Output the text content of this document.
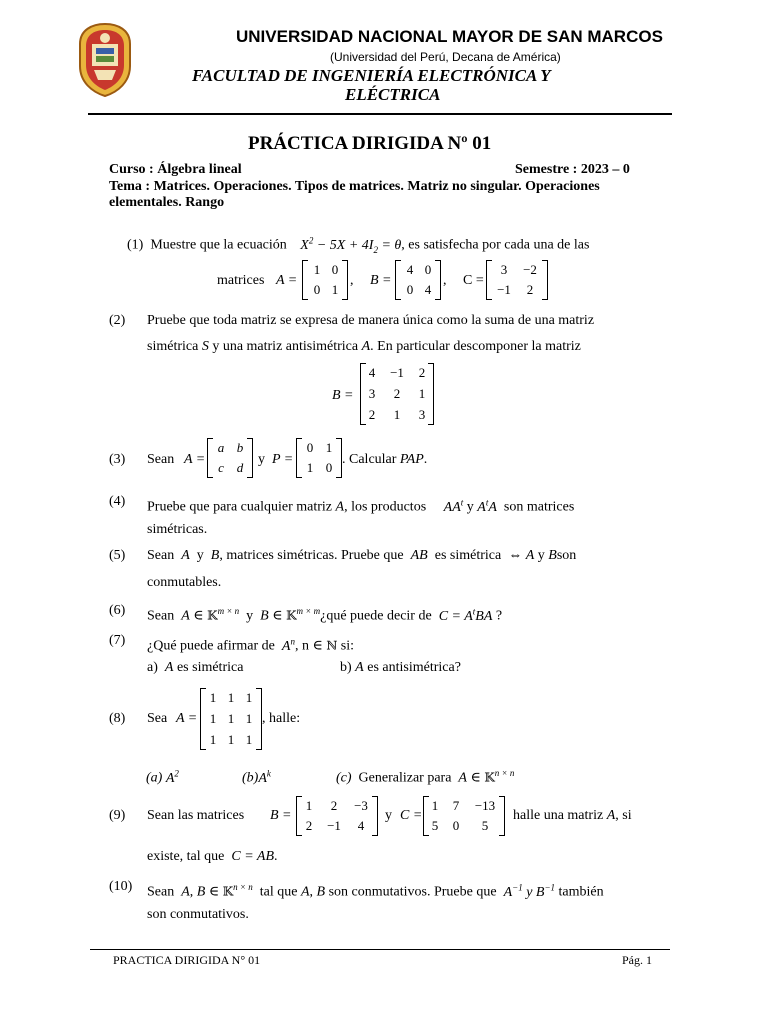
UNIVERSIDAD NACIONAL MAYOR DE SAN MARCOS
(Universidad del Perú, Decana de América)
FACULTAD DE INGENIERÍA ELECTRÓNICA Y
ELÉCTRICA
PRÁCTICA DIRIGIDA Nº 01
Curso : Álgebra lineal	Semestre : 2023 – 0
Tema : Matrices. Operaciones. Tipos de matrices. Matriz no singular. Operaciones
elementales. Rango
(1) Muestre que la ecuación $X^2 - 5X + 4I_2 = \theta$, es satisfecha por cada una de las
matrices A =
1 0
0 1
, B =
4 0
0 4
, C =
3	−2
−1	2
(2) Pruebe que toda matriz se expresa de manera única como la suma de una matriz
simétrica S y una matriz antisimétrica A. En particular descomponer la matriz
B =
4	−1	2
3	2	1
2	1	3
(3) Sean A =
a b
c d
y P =
0 1
1 0
. Calcular PAP.
(4) Pruebe que para cualquier matriz A, los productos $AA^t$ y $A^tA$ son matrices
simétricas.
(5) Sean A y B, matrices simétricas. Pruebe que AB es simétrica  ⇔ A y Bson
conmutables.
(6) Sean A ∈ 𝕂$^{m \times n}$ y B ∈ 𝕂$^{m \times m}$¿qué puede decir de $C = A^tBA$ ?
(7) ¿Qué puede afirmar de $A^n$, n ∈ ℕ si:
a) A es simétrica	b) A es antisimétrica?
(8) Sea A =
1 1 1
1 1 1
1 1 1
, halle:
(a) $A^2$	$(b)A^k$	(c) Generalizar para A ∈ 𝕂$^{n \times n}$
(9) Sean las matrices B =
1	2	−3
2	−1	4
y C =
1	7	−13
5	0	5
halle una matriz A, si
existe, tal que C = AB.
(10) Sean A, B ∈ 𝕂$^{n \times n}$ tal que A, B son conmutativos. Pruebe que $A^{-1}$ y $B^{-1}$ también
son conmutativos.
PRACTICA DIRIGIDA N° 01	Pág. 1
